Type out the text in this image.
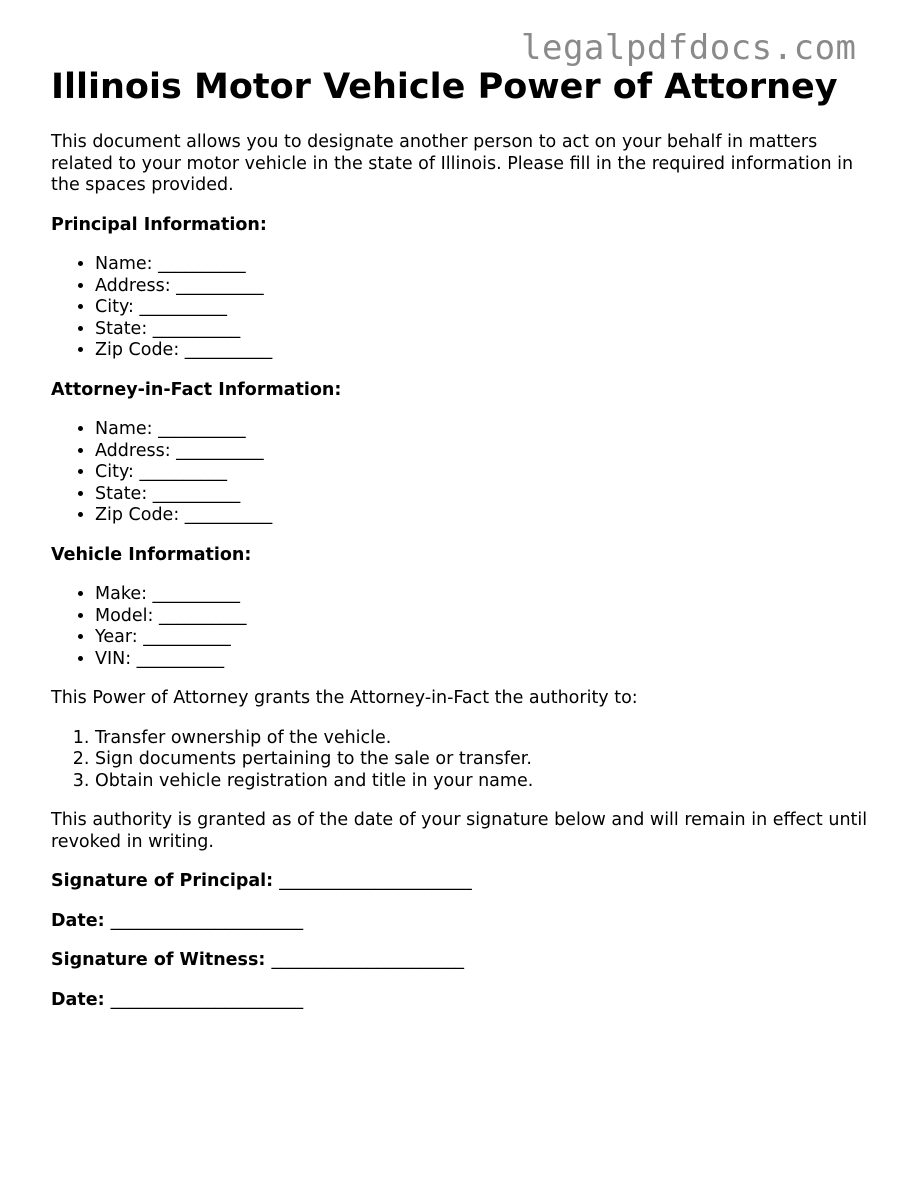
legalpdfdocs.com
Illinois Motor Vehicle Power of Attorney

This document allows you to designate another person to act on your behalf in matters related to your motor vehicle in the state of Illinois. Please fill in the required information in the spaces provided.

Principal Information:

• Name: __________
• Address: __________
• City: __________
• State: __________
• Zip Code: __________

Attorney-in-Fact Information:

• Name: __________
• Address: __________
• City: __________
• State: __________
• Zip Code: __________

Vehicle Information:

• Make: __________
• Model: __________
• Year: __________
• VIN: __________

This Power of Attorney grants the Attorney-in-Fact the authority to:

1. Transfer ownership of the vehicle.
2. Sign documents pertaining to the sale or transfer.
3. Obtain vehicle registration and title in your name.

This authority is granted as of the date of your signature below and will remain in effect until revoked in writing.

Signature of Principal: ______________________

Date: ______________________

Signature of Witness: ______________________

Date: ______________________
